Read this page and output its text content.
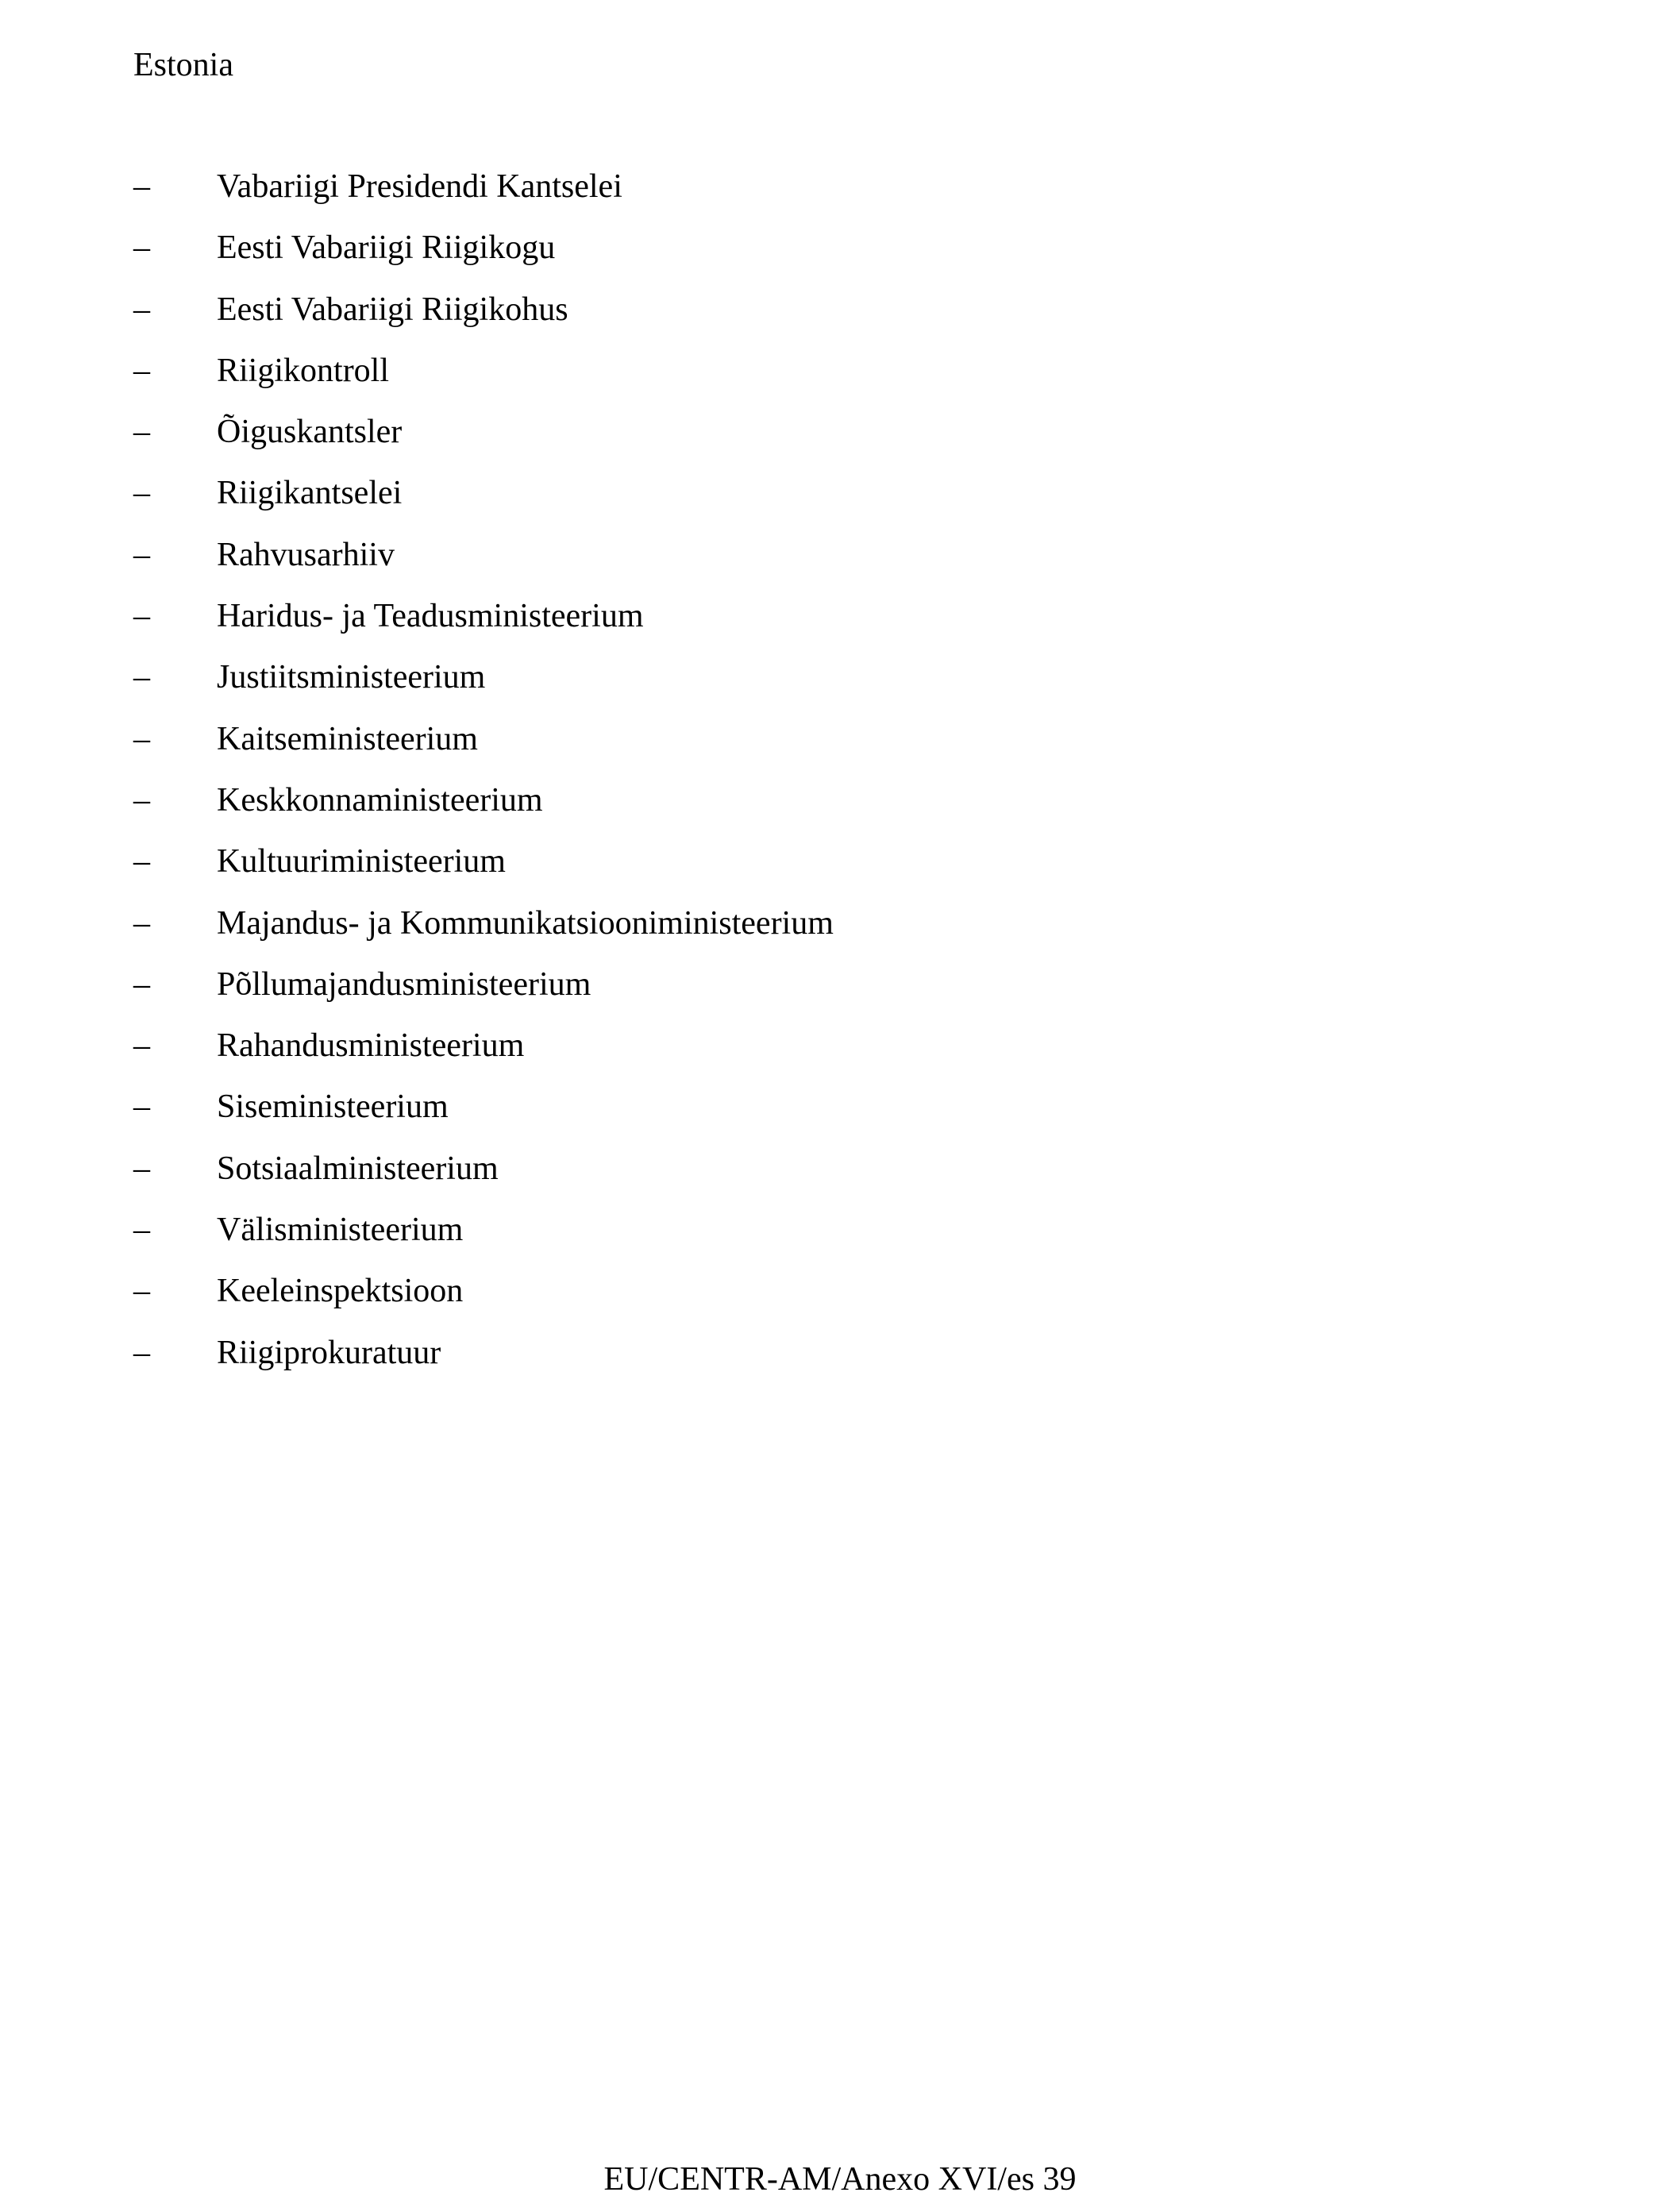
Estonia
–	Vabariigi Presidendi Kantselei
–	Eesti Vabariigi Riigikogu
–	Eesti Vabariigi Riigikohus
–	Riigikontroll
–	Õiguskantsler
–	Riigikantselei
–	Rahvusarhiiv
–	Haridus- ja Teadusministeerium
–	Justiitsministeerium
–	Kaitseministeerium
–	Keskkonnaministeerium
–	Kultuuriministeerium
–	Majandus- ja Kommunikatsiooniministeerium
–	Põllumajandusministeerium
–	Rahandusministeerium
–	Siseministeerium
–	Sotsiaalministeerium
–	Välisministeerium
–	Keeleinspektsioon
–	Riigiprokuratuur
EU/CENTR-AM/Anexo XVI/es 39
